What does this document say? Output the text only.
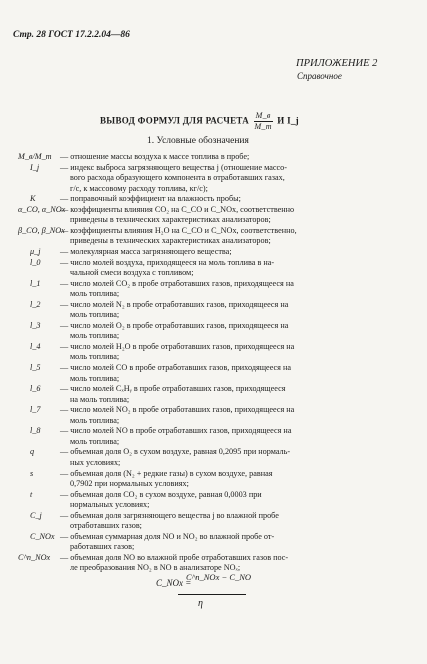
Стр. 28 ГОСТ 17.2.2.04—86
ПРИЛОЖЕНИЕ 2
Справочное
ВЫВОД ФОРМУЛ ДЛЯ РАСЧЕТА $\frac{M\_в}{M\_т}$ И I_j
1. Условные обозначения
M_в/M_т — отношение массы воздуха к массе топлива в пробе;
I_j	— индекс выброса загрязняющего вещества j (отношение массо-
вого расхода образующего компонента в отработавших газах,
г/с, к массовому расходу топлива, кг/с);
K	— поправочный коэффициент на влажность пробы;
α_CO, α_NOx
— коэффициенты влияния CO₂ на C_CO и C_NOx, соответственно
приведены в технических характеристиках анализаторов;
β_CO, β_NOx
— коэффициенты влияния H₂O на C_CO и C_NOx, соответственно,
приведены в технических характеристиках анализаторов;
μ_j — молекулярная масса загрязняющего вещества;
l_0 — число молей воздуха, приходящееся на моль топлива в на-
чальной смеси воздуха с топливом;
l_1 — число молей CO₂ в пробе отработавших газов, приходящееся на
моль топлива;
l_2 — число молей N₂ в пробе отработавших газов, приходящееся на
моль топлива;
l_3 — число молей O₂ в пробе отработавших газов, приходящееся на
моль топлива;
l_4 — число молей H₂O в пробе отработавших газов, приходящееся на
моль топлива;
l_5 — число молей CO в пробе отработавших газов, приходящееся на
моль топлива;
l_6 — число молей CₓHᵧ в пробе отработавших газов, приходящееся
на моль топлива;
l_7 — число молей NO₂ в пробе отработавших газов, приходящееся на
моль топлива;
l_8 — число молей NO в пробе отработавших газов, приходящееся на
моль топлива;
q	— объемная доля O₂ в сухом воздухе, равная 0,2095 при нормаль-
ных условиях;
s	— объемная доля (N₂ + редкие газы) в сухом воздухе, равная
0,7902 при нормальных условиях;
t	— объемная доля CO₂ в сухом воздухе, равная 0,0003 при
нормальных условиях;
C_j — объемная доля загрязняющего вещества j во влажной пробе
отработавших газов;
C_NOx — объемная суммарная доля NO и NO₂ во влажной пробе от-
работавших газов;
C^п_NOx — объемная доля NO во влажной пробе отработавших газов пос-
ле преобразования NO₂ в NO в анализаторе NOₓ;
C_NOx =
C^п_NOx − C_NO
η
